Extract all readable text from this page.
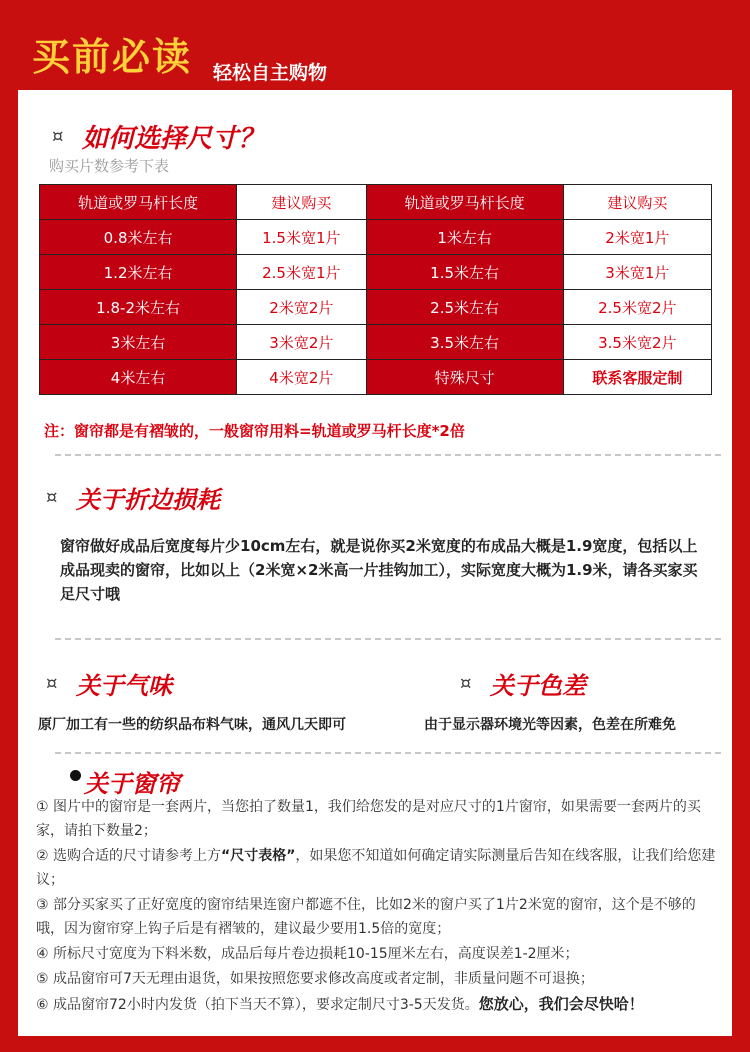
买前必读 轻松自主购物
¤ 如何选择尺寸？
购买片数参考下表
轨道或罗马杆长度	建议购买	轨道或罗马杆长度	建议购买
0.8米左右	1.5米宽1片	1米左右	2米宽1片
1.2米左右	2.5米宽1片	1.5米左右	3米宽1片
1.8-2米左右	2米宽2片	2.5米左右	2.5米宽2片
3米左右	3米宽2片	3.5米左右	3.5米宽2片
4米左右	4米宽2片	特殊尺寸	联系客服定制
注：窗帘都是有褶皱的，一般窗帘用料=轨道或罗马杆长度*2倍
¤ 关于折边损耗
窗帘做好成品后宽度每片少10cm左右，就是说你买2米宽度的布成品大概是1.9宽度，包括以上成品现卖的窗帘，比如以上（2米宽×2米高一片挂钩加工），实际宽度大概为1.9米，请各买家买足尺寸哦
¤ 关于气味
原厂加工有一些的纺织品布料气味，通风几天即可
¤ 关于色差
由于显示器环境光等因素，色差在所难免
关于窗帘
① 图片中的窗帘是一套两片，当您拍了数量1，我们给您发的是对应尺寸的1片窗帘，如果需要一套两片的买家，请拍下数量2；
② 选购合适的尺寸请参考上方“尺寸表格”，如果您不知道如何确定请实际测量后告知在线客服，让我们给您建议；
③ 部分买家买了正好宽度的窗帘结果连窗户都遮不住，比如2米的窗户买了1片2米宽的窗帘，这个是不够的哦，因为窗帘穿上钩子后是有褶皱的，建议最少要用1.5倍的宽度；
④ 所标尺寸宽度为下料米数，成品后每片卷边损耗10-15厘米左右，高度误差1-2厘米；
⑤ 成品窗帘可7天无理由退货，如果按照您要求修改高度或者定制，非质量问题不可退换；
⑥ 成品窗帘72小时内发货（拍下当天不算），要求定制尺寸3-5天发货。您放心，我们会尽快哈！
